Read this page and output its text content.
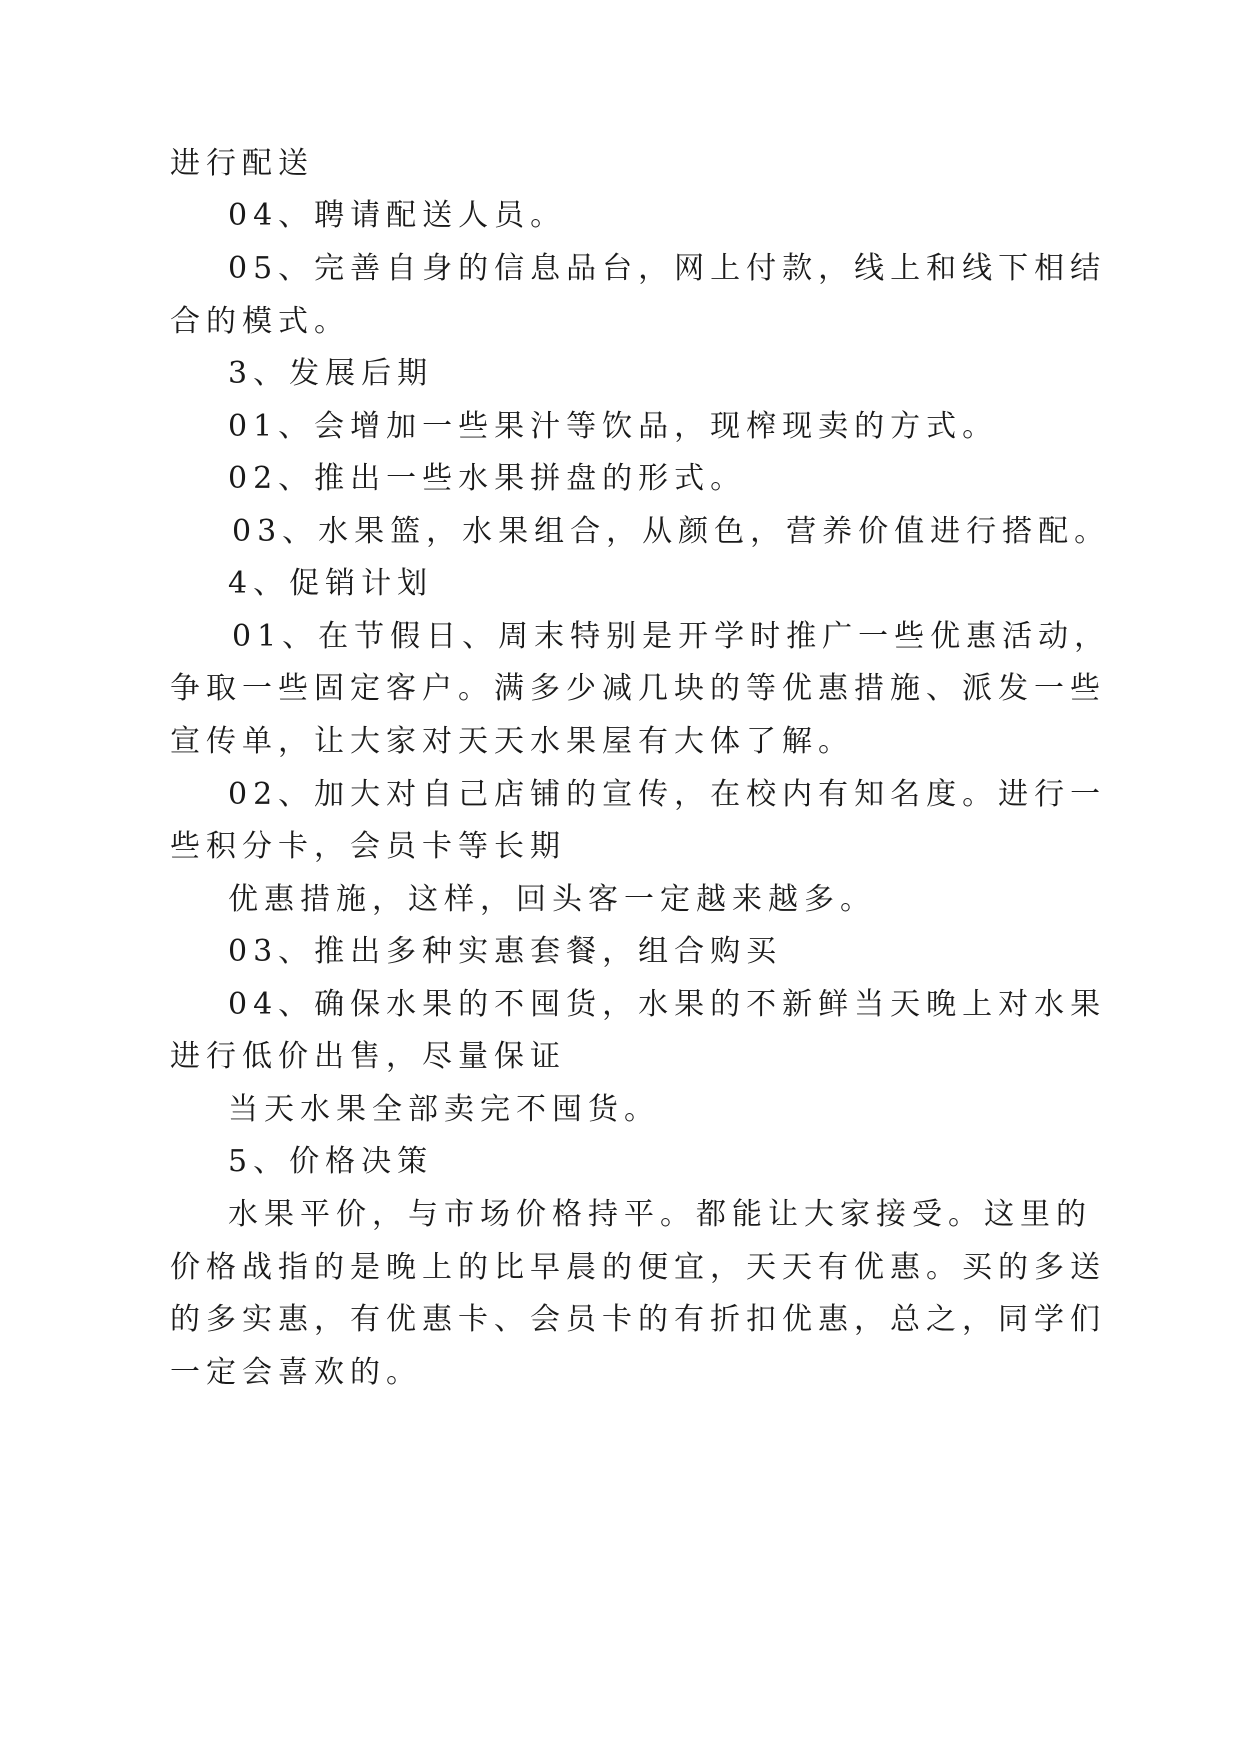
进行配送
04、聘请配送人员。
05、完善自身的信息品台，网上付款，线上和线下相结
合的模式。
3、发展后期
01、会增加一些果汁等饮品，现榨现卖的方式。
02、推出一些水果拼盘的形式。
03、水果篮，水果组合，从颜色，营养价值进行搭配。
4、促销计划
01、在节假日、周末特别是开学时推广一些优惠活动，
争取一些固定客户。满多少减几块的等优惠措施、派发一些
宣传单，让大家对天天水果屋有大体了解。
02、加大对自己店铺的宣传，在校内有知名度。进行一
些积分卡，会员卡等长期
优惠措施，这样，回头客一定越来越多。
03、推出多种实惠套餐，组合购买
04、确保水果的不囤货，水果的不新鲜当天晚上对水果
进行低价出售，尽量保证
当天水果全部卖完不囤货。
5、价格决策
水果平价，与市场价格持平。都能让大家接受。这里的
价格战指的是晚上的比早晨的便宜，天天有优惠。买的多送
的多实惠，有优惠卡、会员卡的有折扣优惠，总之，同学们
一定会喜欢的。
